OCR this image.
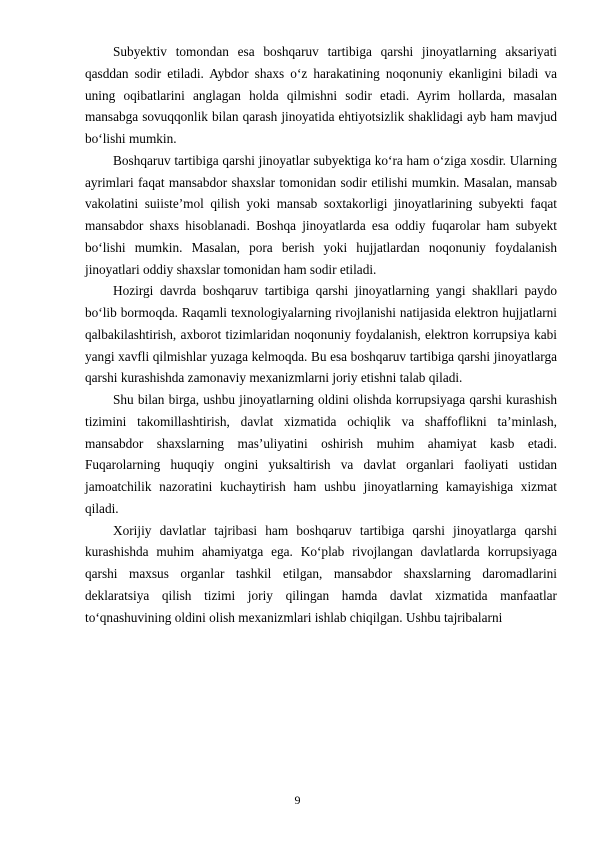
Subyektiv tomondan esa boshqaruv tartibiga qarshi jinoyatlarning aksariyati qasddan sodir etiladi. Aybdor shaxs o‘z harakatining noqonuniy ekanligini biladi va uning oqibatlarini anglagan holda qilmishni sodir etadi. Ayrim hollarda, masalan mansabga sovuqqonlik bilan qarash jinoyatida ehtiyotsizlik shaklidagi ayb ham mavjud bo‘lishi mumkin.

Boshqaruv tartibiga qarshi jinoyatlar subyektiga ko‘ra ham o‘ziga xosdir. Ularning ayrimlari faqat mansabdor shaxslar tomonidan sodir etilishi mumkin. Masalan, mansab vakolatini suiiste’mol qilish yoki mansab soxtakorligi jinoyatlarining subyekti faqat mansabdor shaxs hisoblanadi. Boshqa jinoyatlarda esa oddiy fuqarolar ham subyekt bo‘lishi mumkin. Masalan, pora berish yoki hujjatlardan noqonuniy foydalanish jinoyatlari oddiy shaxslar tomonidan ham sodir etiladi.

Hozirgi davrda boshqaruv tartibiga qarshi jinoyatlarning yangi shakllari paydo bo‘lib bormoqda. Raqamli texnologiyalarning rivojlanishi natijasida elektron hujjatlarni qalbakilashtirish, axborot tizimlaridan noqonuniy foydalanish, elektron korrupsiya kabi yangi xavfli qilmishlar yuzaga kelmoqda. Bu esa boshqaruv tartibiga qarshi jinoyatlarga qarshi kurashishda zamonaviy mexanizmlarni joriy etishni talab qiladi.

Shu bilan birga, ushbu jinoyatlarning oldini olishda korrupsiyaga qarshi kurashish tizimini takomillashtirish, davlat xizmatida ochiqlik va shaffoflikni ta’minlash, mansabdor shaxslarning mas’uliyatini oshirish muhim ahamiyat kasb etadi. Fuqarolarning huquqiy ongini yuksaltirish va davlat organlari faoliyati ustidan jamoatchilik nazoratini kuchaytirish ham ushbu jinoyatlarning kamayishiga xizmat qiladi.

Xorijiy davlatlar tajribasi ham boshqaruv tartibiga qarshi jinoyatlarga qarshi kurashishda muhim ahamiyatga ega. Ko‘plab rivojlangan davlatlarda korrupsiyaga qarshi maxsus organlar tashkil etilgan, mansabdor shaxslarning daromadlarini deklaratsiya qilish tizimi joriy qilingan hamda davlat xizmatida manfaatlar to‘qnashuvining oldini olish mexanizmlari ishlab chiqilgan. Ushbu tajribalarni

9
